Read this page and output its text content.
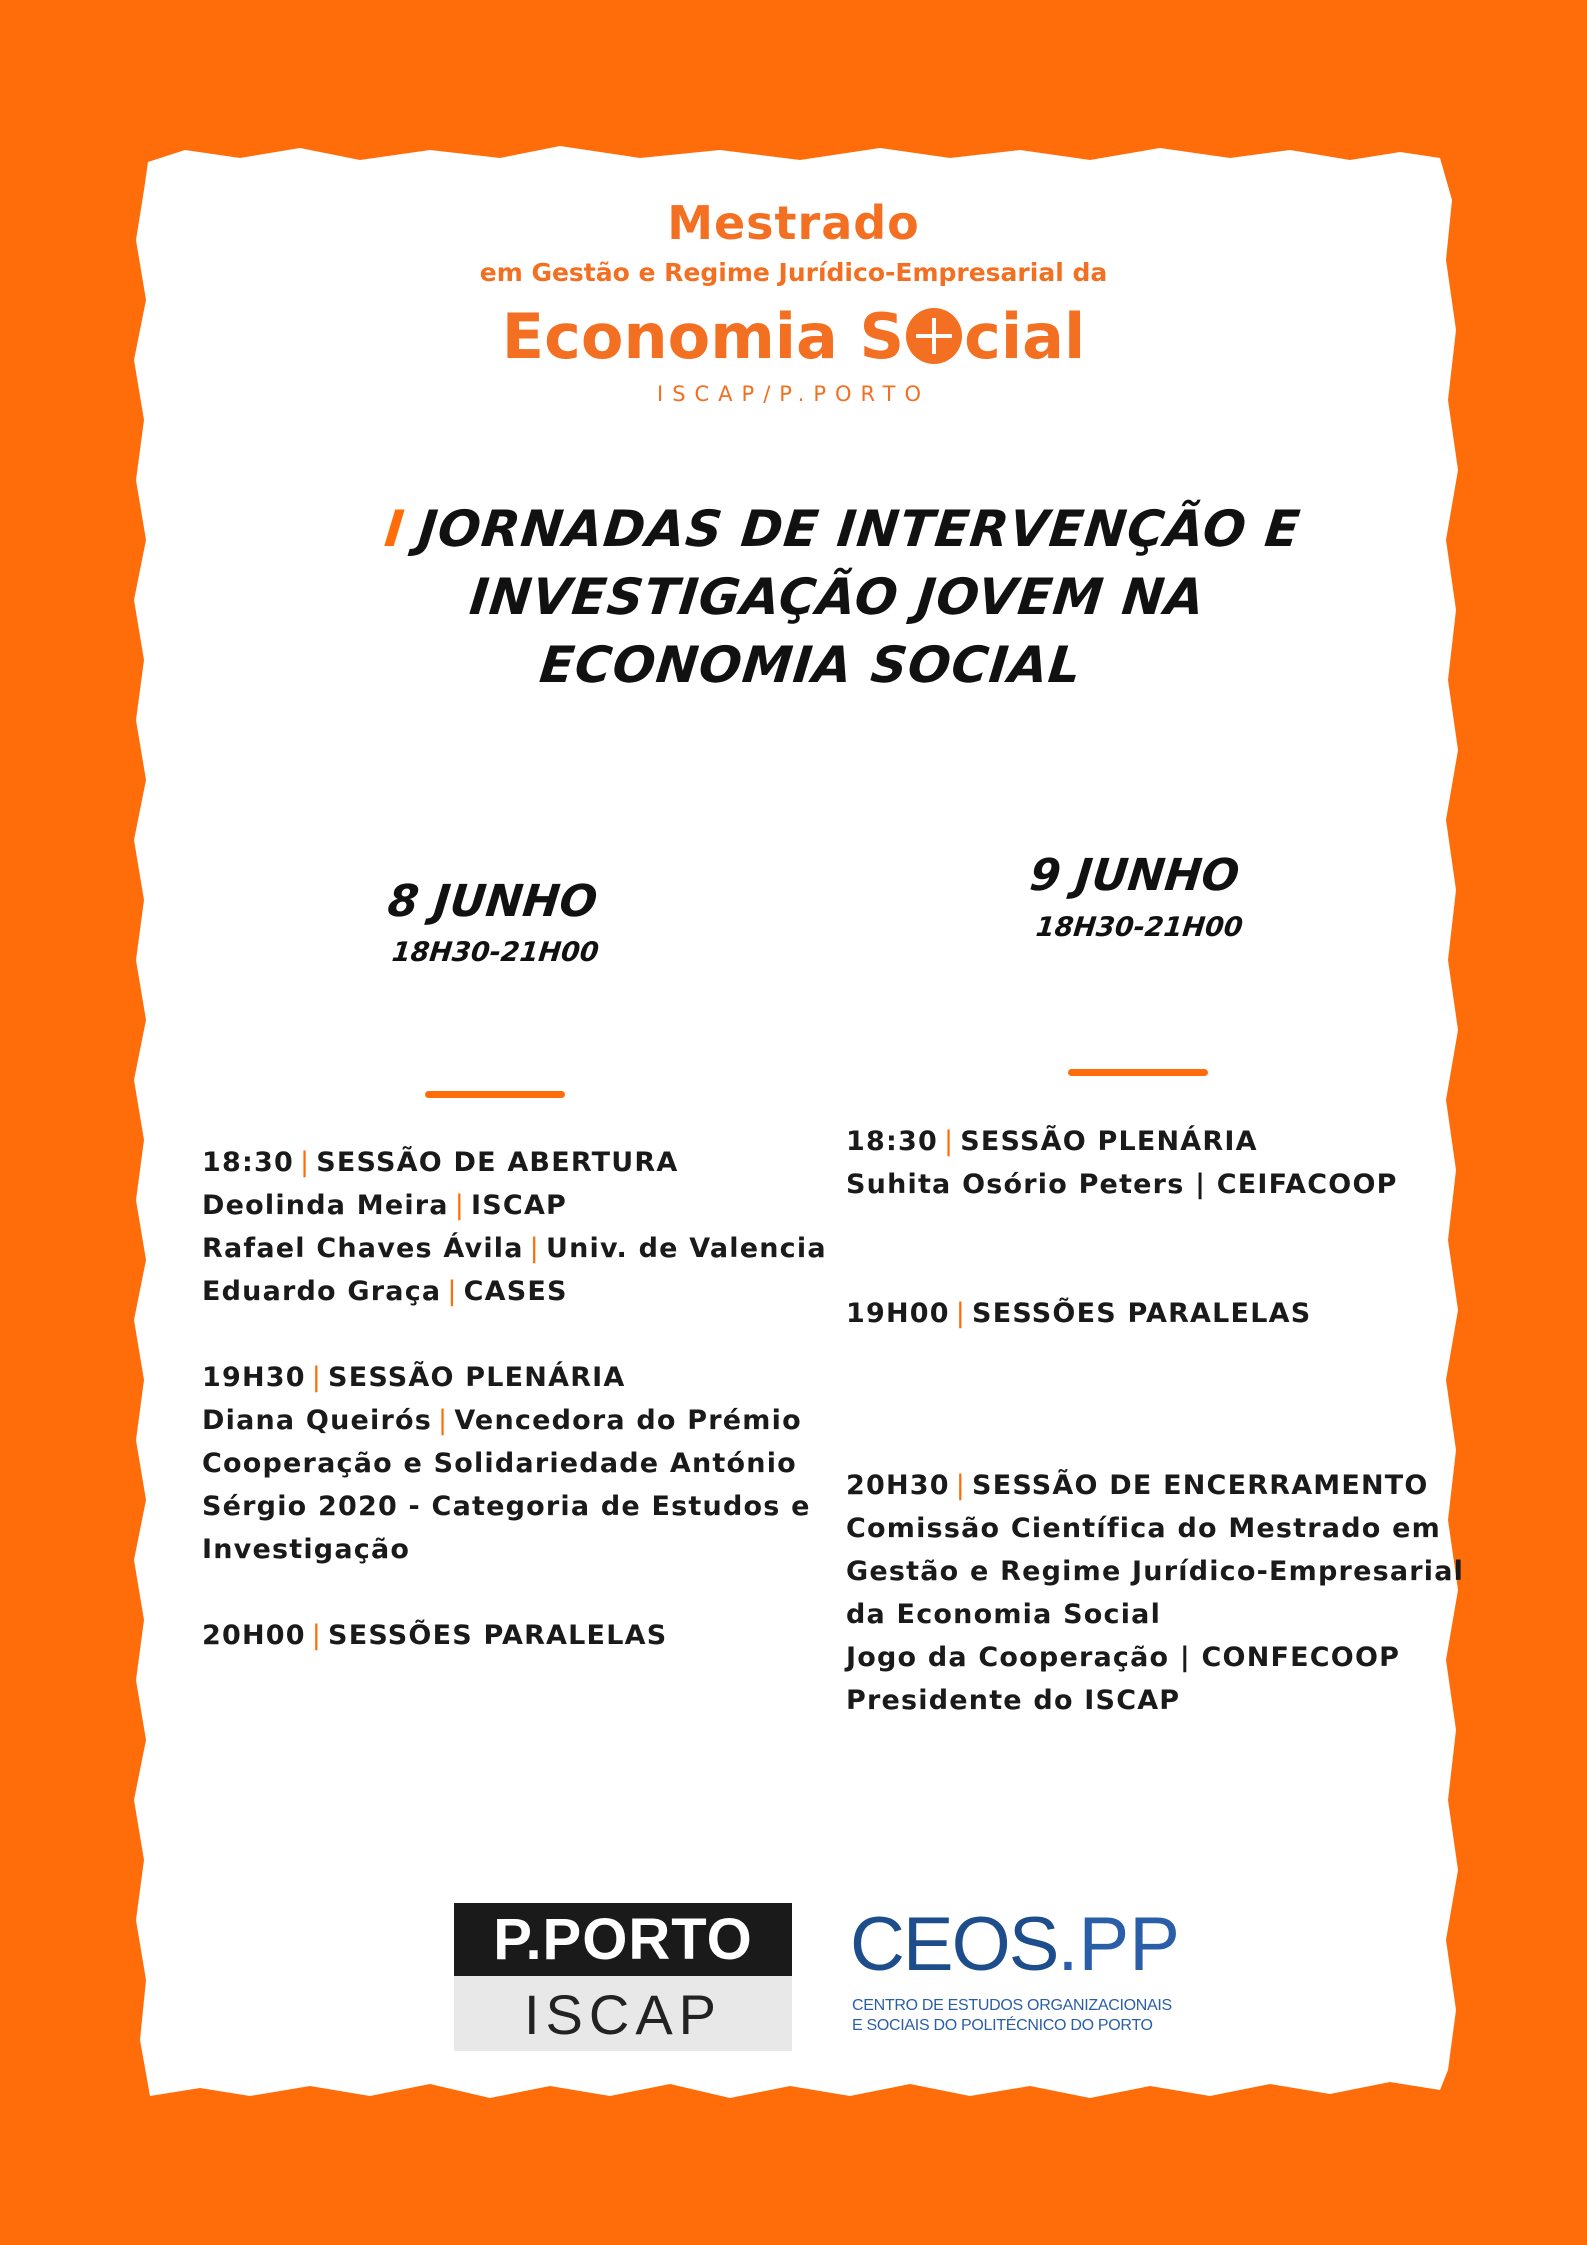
Mestrado
em Gestão e Regime Jurídico-Empresarial da
Economia S cial
ISCAP/P.PORTO
I JORNADAS DE INTERVENÇÃO E
INVESTIGAÇÃO JOVEM NA
ECONOMIA SOCIAL
8 JUNHO
18H30-21H00
9 JUNHO
18H30-21H00
18:30 | SESSÃO DE ABERTURA
Deolinda Meira | ISCAP
Rafael Chaves Ávila | Univ. de Valencia
Eduardo Graça | CASES
19H30 | SESSÃO PLENÁRIA
Diana Queirós | Vencedora do Prémio
Cooperação e Solidariedade António
Sérgio 2020 - Categoria de Estudos e
Investigação
20H00 | SESSÕES PARALELAS
18:30 | SESSÃO PLENÁRIA
Suhita Osório Peters | CEIFACOOP
19H00 | SESSÕES PARALELAS
20H30 | SESSÃO DE ENCERRAMENTO
Comissão Científica do Mestrado em
Gestão e Regime Jurídico-Empresarial
da Economia Social
Jogo da Cooperação | CONFECOOP
Presidente do ISCAP
P.PORTO
ISCAP
CEOS.PP
CENTRO DE ESTUDOS ORGANIZACIONAIS
E SOCIAIS DO POLITÉCNICO DO PORTO
